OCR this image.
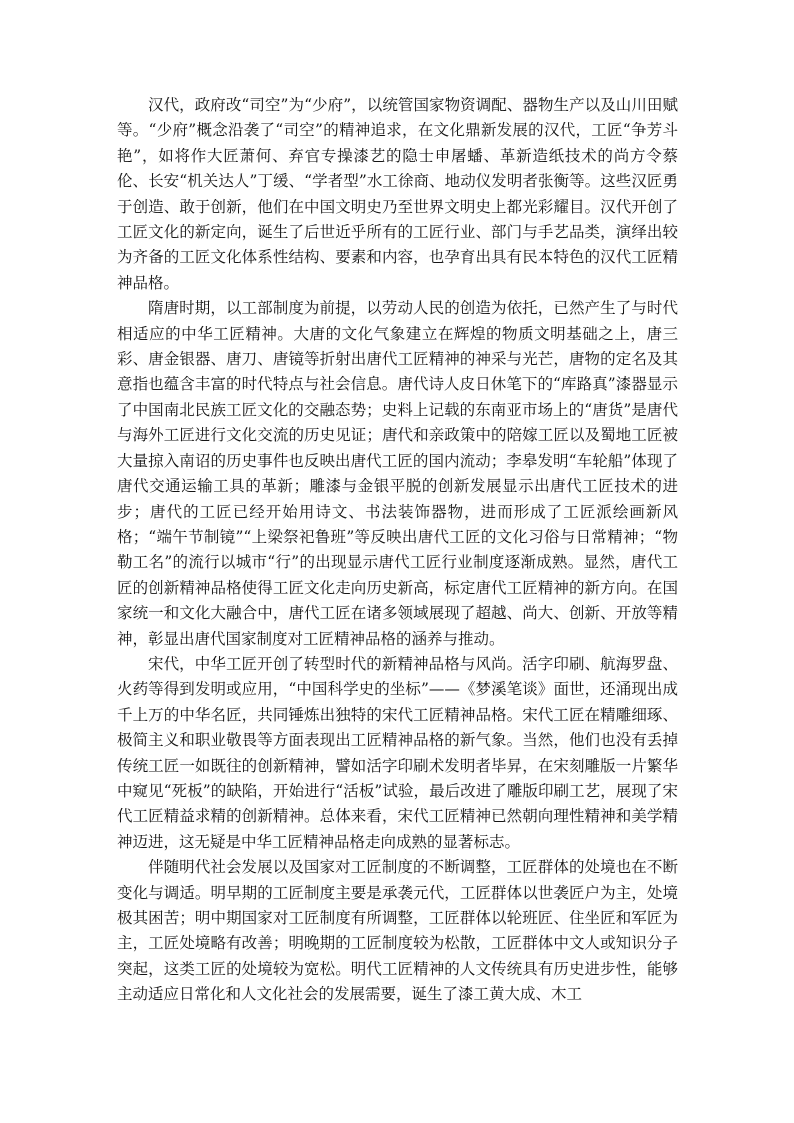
汉代，政府改“司空”为“少府”，以统管国家物资调配、器物生产以及山川田赋等。“少府”概念沿袭了“司空”的精神追求，在文化鼎新发展的汉代，工匠“争芳斗艳”，如将作大匠萧何、弃官专操漆艺的隐士申屠蟠、革新造纸技术的尚方令蔡伦、长安“机关达人”丁缓、“学者型”水工徐商、地动仪发明者张衡等。这些汉匠勇于创造、敢于创新，他们在中国文明史乃至世界文明史上都光彩耀目。汉代开创了工匠文化的新定向，诞生了后世近乎所有的工匠行业、部门与手艺品类，演绎出较为齐备的工匠文化体系性结构、要素和内容，也孕育出具有民本特色的汉代工匠精神品格。

隋唐时期，以工部制度为前提，以劳动人民的创造为依托，已然产生了与时代相适应的中华工匠精神。大唐的文化气象建立在辉煌的物质文明基础之上，唐三彩、唐金银器、唐刀、唐镜等折射出唐代工匠精神的神采与光芒，唐物的定名及其意指也蕴含丰富的时代特点与社会信息。唐代诗人皮日休笔下的“库路真”漆器显示了中国南北民族工匠文化的交融态势；史料上记载的东南亚市场上的“唐货”是唐代与海外工匠进行文化交流的历史见证；唐代和亲政策中的陪嫁工匠以及蜀地工匠被大量掠入南诏的历史事件也反映出唐代工匠的国内流动；李皋发明“车轮船”体现了唐代交通运输工具的革新；雕漆与金银平脱的创新发展显示出唐代工匠技术的进步；唐代的工匠已经开始用诗文、书法装饰器物，进而形成了工匠派绘画新风格；“端午节制镜”“上梁祭祀鲁班”等反映出唐代工匠的文化习俗与日常精神；“物勒工名”的流行以城市“行”的出现显示唐代工匠行业制度逐渐成熟。显然，唐代工匠的创新精神品格使得工匠文化走向历史新高，标定唐代工匠精神的新方向。在国家统一和文化大融合中，唐代工匠在诸多领域展现了超越、尚大、创新、开放等精神，彰显出唐代国家制度对工匠精神品格的涵养与推动。

宋代，中华工匠开创了转型时代的新精神品格与风尚。活字印刷、航海罗盘、火药等得到发明或应用，“中国科学史的坐标”——《梦溪笔谈》面世，还涌现出成千上万的中华名匠，共同锤炼出独特的宋代工匠精神品格。宋代工匠在精雕细琢、极简主义和职业敬畏等方面表现出工匠精神品格的新气象。当然，他们也没有丢掉传统工匠一如既往的创新精神，譬如活字印刷术发明者毕昇，在宋刻雕版一片繁华中窥见“死板”的缺陷，开始进行“活板”试验，最后改进了雕版印刷工艺，展现了宋代工匠精益求精的创新精神。总体来看，宋代工匠精神已然朝向理性精神和美学精神迈进，这无疑是中华工匠精神品格走向成熟的显著标志。

伴随明代社会发展以及国家对工匠制度的不断调整，工匠群体的处境也在不断变化与调适。明早期的工匠制度主要是承袭元代，工匠群体以世袭匠户为主，处境极其困苦；明中期国家对工匠制度有所调整，工匠群体以轮班匠、住坐匠和军匠为主，工匠处境略有改善；明晚期的工匠制度较为松散，工匠群体中文人或知识分子突起，这类工匠的处境较为宽松。明代工匠精神的人文传统具有历史进步性，能够主动适应日常化和人文化社会的发展需要，诞生了漆工黄大成、木工
